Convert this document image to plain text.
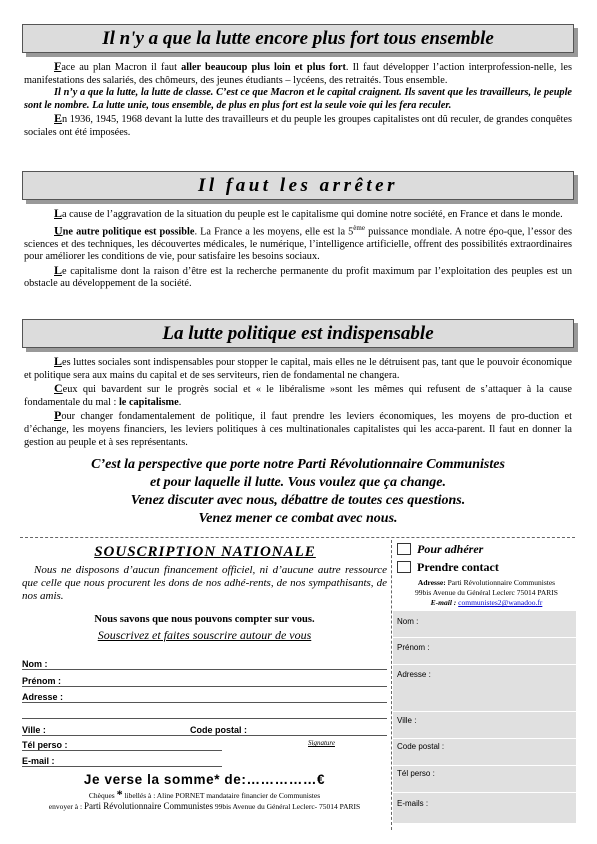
Il n'y a que la lutte encore plus fort tous ensemble

Face au plan Macron il faut aller beaucoup plus loin et plus fort. Il faut développer l’action interprofession-nelle, les manifestations des salariés, des chômeurs, des jeunes étudiants – lycéens, des retraités. Tous ensemble.

Il n’y a que la lutte, la lutte de classe. C’est ce que Macron et le capital craignent. Ils savent que les travailleurs, le peuple sont le nombre. La lutte unie, tous ensemble, de plus en plus fort est la seule voie qui les fera reculer.

En 1936, 1945, 1968 devant la lutte des travailleurs et du peuple les groupes capitalistes ont dû reculer, de grandes conquêtes sociales ont été imposées.

Il faut les arrêter

La cause de l’aggravation de la situation du peuple est le capitalisme qui domine notre société, en France et dans le monde.

Une autre politique est possible. La France a les moyens, elle est la 5ème puissance mondiale. A notre épo-que, l’essor des sciences et des techniques, les découvertes médicales, le numérique, l’intelligence artificielle, offrent des possibilités extraordinaires pour améliorer les conditions de vie, pour satisfaire les besoins sociaux.

Le capitalisme dont la raison d’être est la recherche permanente du profit maximum par l’exploitation des peuples est un obstacle au développement de la société.

La lutte politique est indispensable

Les luttes sociales sont indispensables pour stopper le capital, mais elles ne le détruisent pas, tant que le pouvoir économique et politique sera aux mains du capital et de ses serviteurs, rien de fondamental ne changera.

Ceux qui bavardent sur le progrès social et « le libéralisme »sont les mêmes qui refusent de s’attaquer à la cause fondamentale du mal : le capitalisme.

Pour changer fondamentalement de politique, il faut prendre les leviers économiques, les moyens de pro-duction et d’échange, les moyens financiers, les leviers politiques à ces multinationales capitalistes qui les acca-parent. Il faut en donner la gestion au peuple et à ses représentants.

C’est la perspective que porte notre Parti Révolutionnaire Communistes
et pour laquelle il lutte. Vous voulez que ça change.
Venez discuter avec nous, débattre de toutes ces questions.
Venez mener ce combat avec nous.
SOUSCRIPTION NATIONALE

Nous ne disposons d’aucun financement officiel, ni d’aucune autre ressource que celle que nous procurent les dons de nos adhé-rents, de nos sympathisants, de nos amis.

Nous savons que nous pouvons compter sur vous.
Souscrivez et faites souscrire autour de vous
Nom :
Prénom :
Adresse :
Ville :	Code postal :
Tél perso :	Signature
E-mail :
Je verse la somme* de:……………€
Chèques * libellés à : Aline PORNET mandataire financier de Communistes
envoyer à : Parti Révolutionnaire Communistes 99bis Avenue du Général Leclerc- 75014 PARIS
Pour adhérer
Prendre contact
Adresse: Parti Révolutionnaire Communistes
99bis Avenue du Général Leclerc 75014 PARIS
E-mail : communistes2@wanadoo.fr
Nom :
Prénom :
Adresse :
Ville :
Code postal :
Tél perso :
E-mails :
